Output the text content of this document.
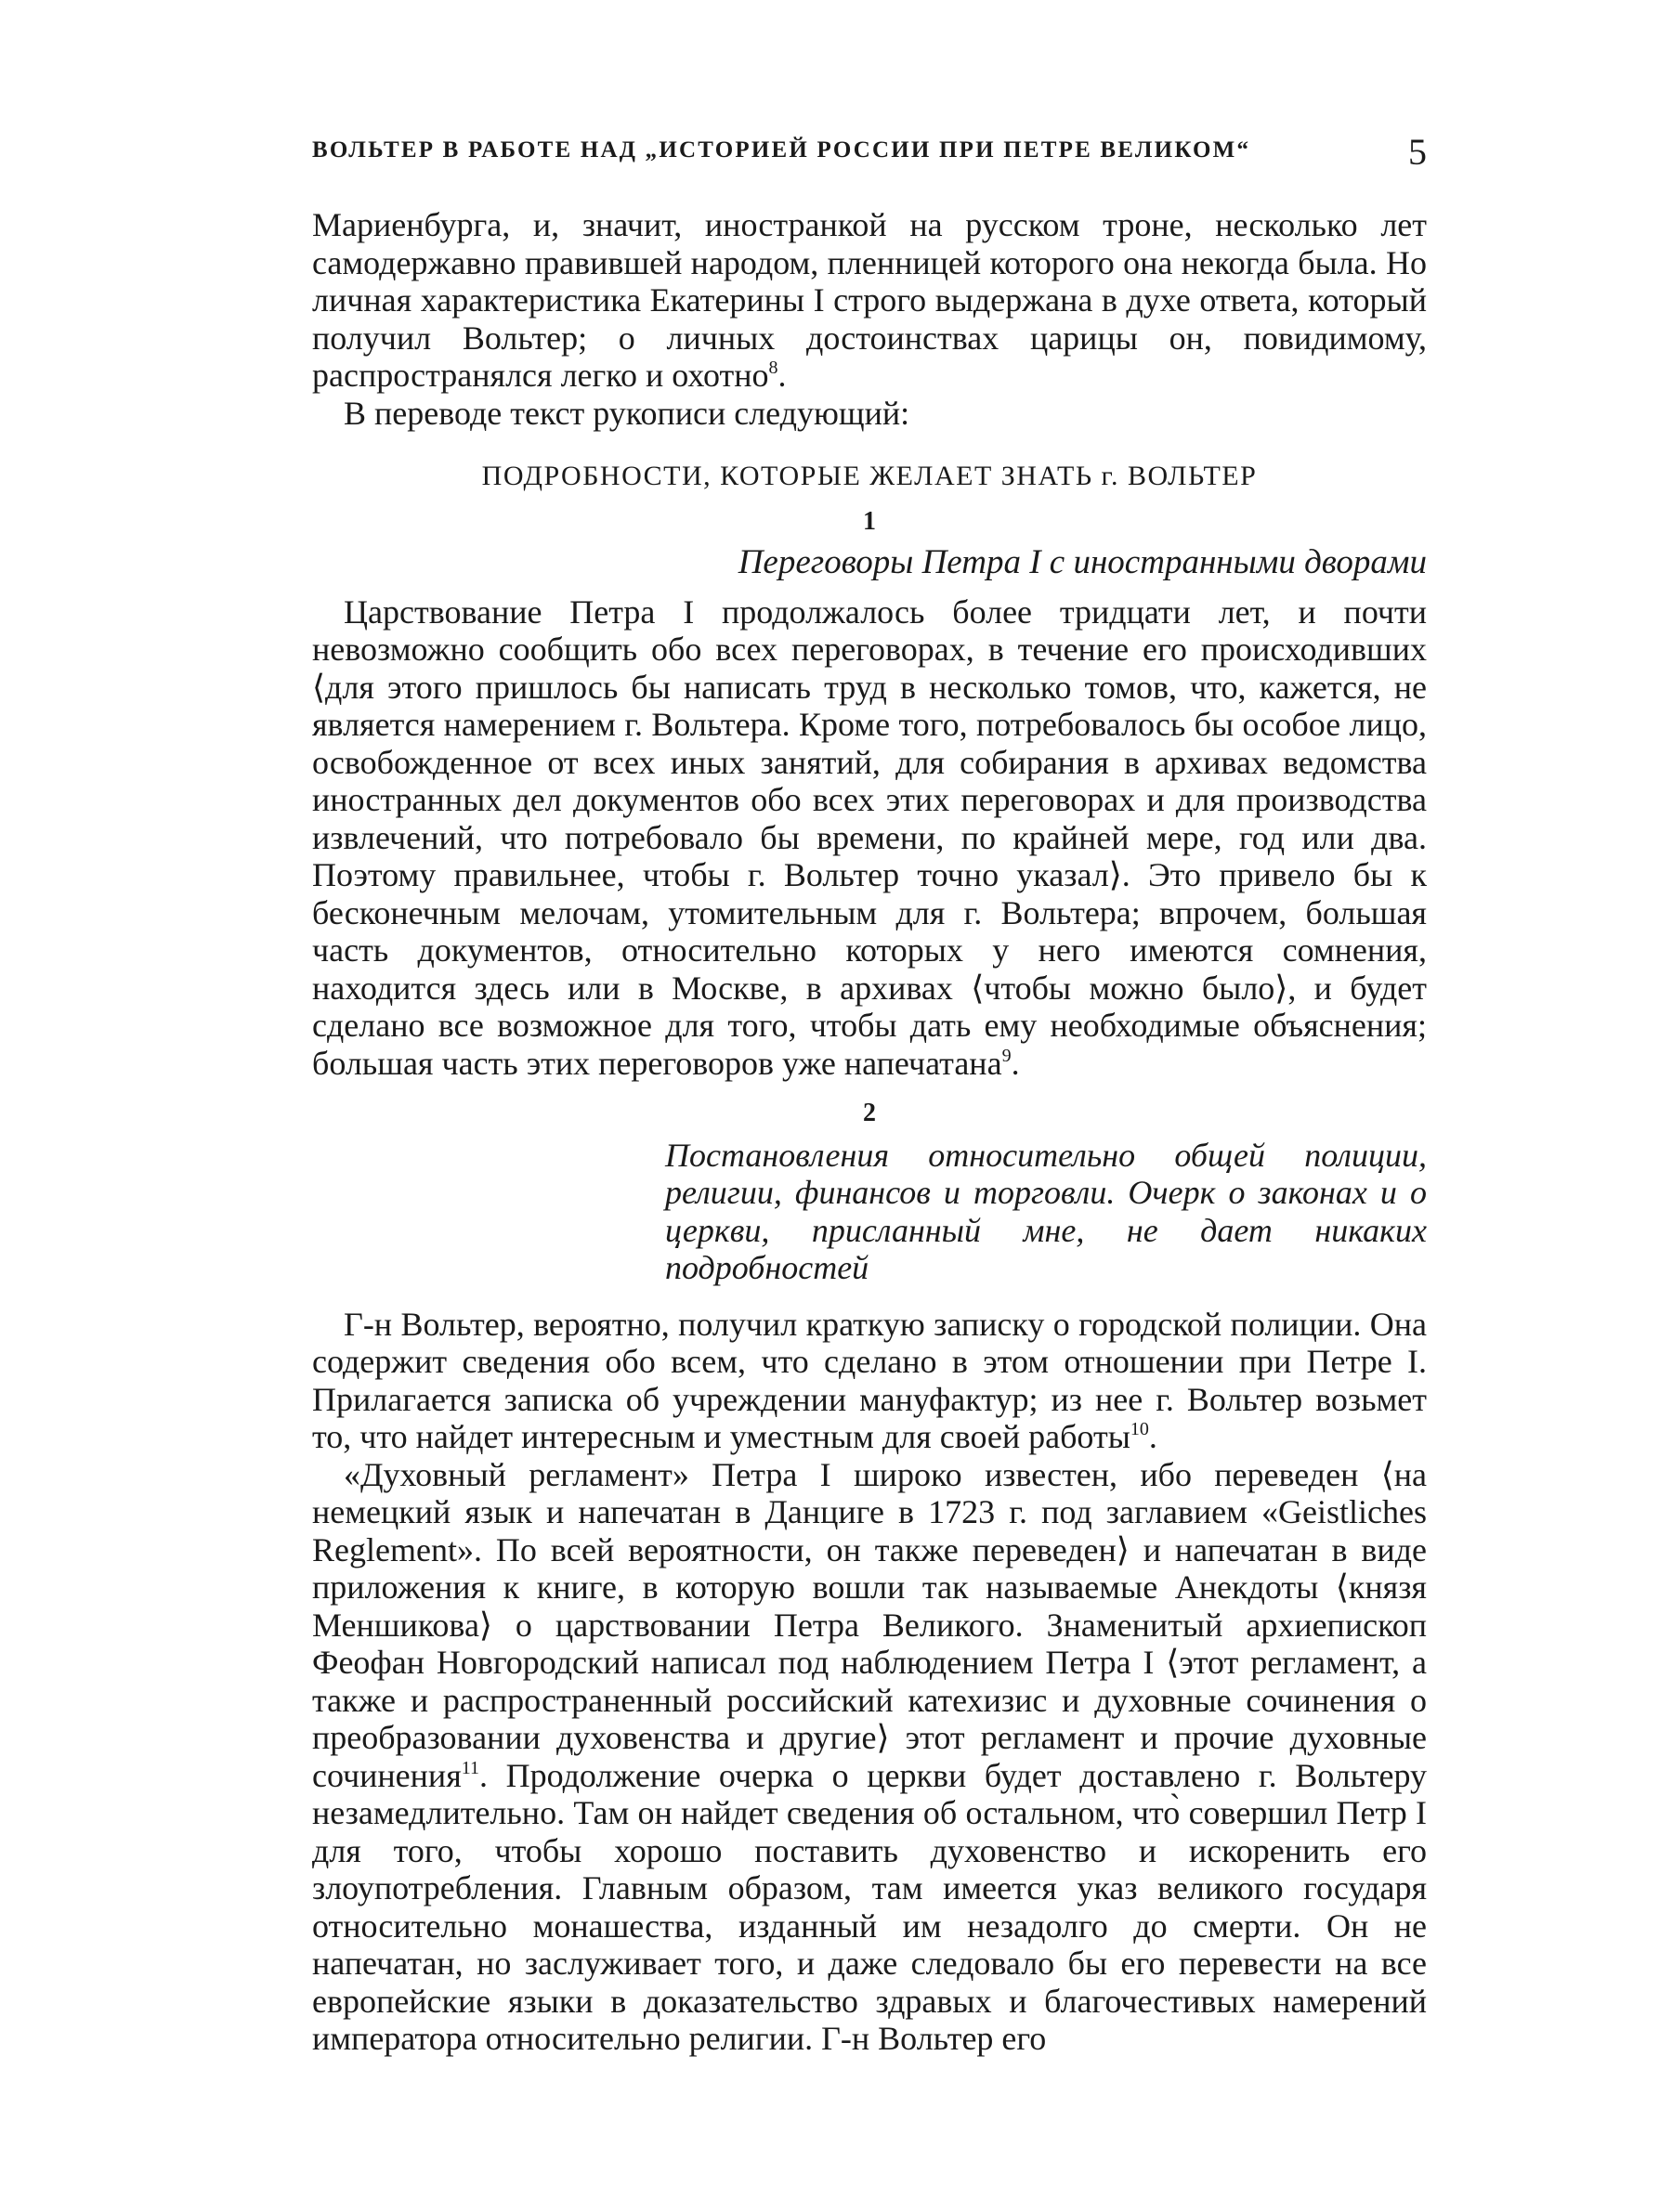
ВОЛЬТЕР В РАБОТЕ НАД „ИСТОРИЕЙ РОССИИ ПРИ ПЕТРЕ ВЕЛИКОМ“	5

Мариенбурга, и, значит, иностранкой на русском троне, несколько лет самодержавно правившей народом, пленницей которого она некогда была. Но личная характеристика Екатерины I строго выдержана в духе ответа, который получил Вольтер; о личных достоинствах царицы он, повидимому, распространялся легко и охотно$^8$.

В переводе текст рукописи следующий:

ПОДРОБНОСТИ, КОТОРЫЕ ЖЕЛАЕТ ЗНАТЬ г. ВОЛЬТЕР
1
Переговоры Петра I с иностранными дворами

Царствование Петра I продолжалось более тридцати лет, и почти невозможно сообщить обо всех переговорах, в течение его происходивших ⟨для этого пришлось бы написать труд в несколько томов, что, кажется, не является намерением г. Вольтера. Кроме того, потребовалось бы особое лицо, освобожденное от всех иных занятий, для собирания в архивах ведомства иностранных дел документов обо всех этих переговорах и для производства извлечений, что потребовало бы времени, по крайней мере, год или два. Поэтому правильнее, чтобы г. Вольтер точно указал⟩. Это привело бы к бесконечным мелочам, утомительным для г. Вольтера; впрочем, большая часть документов, относительно которых у него имеются сомнения, находится здесь или в Москве, в архивах ⟨чтобы можно было⟩, и будет сделано все возможное для того, чтобы дать ему необходимые объяснения; большая часть этих переговоров уже напечатана$^9$.

2
Постановления относительно общей полиции, религии, финансов и торговли. Очерк о законах и о церкви, присланный мне, не дает никаких подробностей

Г-н Вольтер, вероятно, получил краткую записку о городской полиции. Она содержит сведения обо всем, что сделано в этом отношении при Петре I. Прилагается записка об учреждении мануфактур; из нее г. Вольтер возьмет то, что найдет интересным и уместным для своей работы$^{10}$.

«Духовный регламент» Петра I широко известен, ибо переведен ⟨на немецкий язык и напечатан в Данциге в 1723 г. под заглавием «Geistliches Reglement». По всей вероятности, он также переведен⟩ и напечатан в виде приложения к книге, в которую вошли так называемые Анекдоты ⟨князя Меншикова⟩ о царствовании Петра Великого. Знаменитый архиепископ Феофан Новгородский написал под наблюдением Петра I ⟨этот регламент, а также и распространенный российский катехизис и духовные сочинения о преобразовании духовенства и другие⟩ этот регламент и прочие духовные сочинения$^{11}$. Продолжение очерка о церкви будет доставлено г. Вольтеру незамедлительно. Там он найдет сведения об остальном, что̀ совершил Петр I для того, чтобы хорошо поставить духовенство и искоренить его злоупотребления. Главным образом, там имеется указ великого государя относительно монашества, изданный им незадолго до смерти. Он не напечатан, но заслуживает того, и даже следовало бы его перевести на все европейские языки в доказательство здравых и благочестивых намерений императора относительно религии. Г-н Вольтер его
